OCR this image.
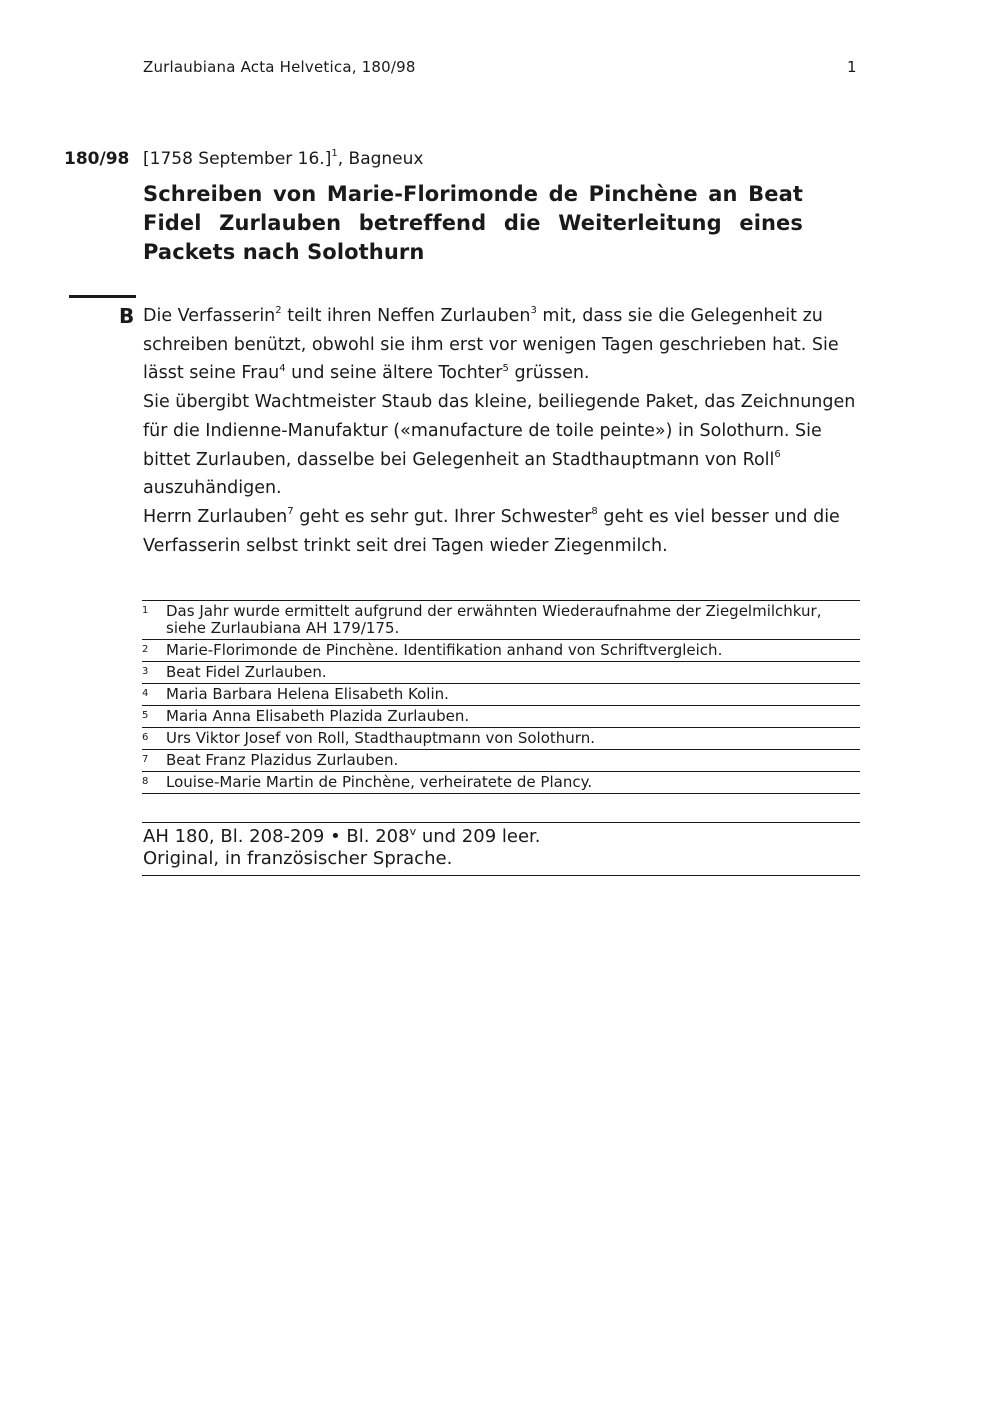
Zurlaubiana Acta Helvetica, 180/98	1
180/98 [1758 September 16.]$^1$, Bagneux
Schreiben von Marie-Florimonde de Pinchène an Beat Fidel Zurlauben betreffend die Weiterleitung eines Packets nach Solothurn
B Die Verfasserin$^2$ teilt ihren Neffen Zurlauben$^3$ mit, dass sie die Gelegenheit zu schreiben benützt, obwohl sie ihm erst vor wenigen Tagen geschrieben hat. Sie lässt seine Frau$^4$ und seine ältere Tochter$^5$ grüssen.

Sie übergibt Wachtmeister Staub das kleine, beiliegende Paket, das Zeichnungen für die Indienne-Manufaktur («manufacture de toile peinte») in Solothurn. Sie bittet Zurlauben, dasselbe bei Gelegenheit an Stadthauptmann von Roll$^6$ auszuhändigen.

Herrn Zurlauben$^7$ geht es sehr gut. Ihrer Schwester$^8$ geht es viel besser und die Verfasserin selbst trinkt seit drei Tagen wieder Ziegenmilch.

1 Das Jahr wurde ermittelt aufgrund der erwähnten Wiederaufnahme der Ziegelmilchkur, siehe Zurlaubiana AH 179/175.
2 Marie-Florimonde de Pinchène. Identifikation anhand von Schriftvergleich.
3 Beat Fidel Zurlauben.
4 Maria Barbara Helena Elisabeth Kolin.
5 Maria Anna Elisabeth Plazida Zurlauben.
6 Urs Viktor Josef von Roll, Stadthauptmann von Solothurn.
7 Beat Franz Plazidus Zurlauben.
8 Louise-Marie Martin de Pinchène, verheiratete de Plancy.
AH 180, Bl. 208-209 • Bl. 208$^v$ und 209 leer.
Original, in französischer Sprache.
